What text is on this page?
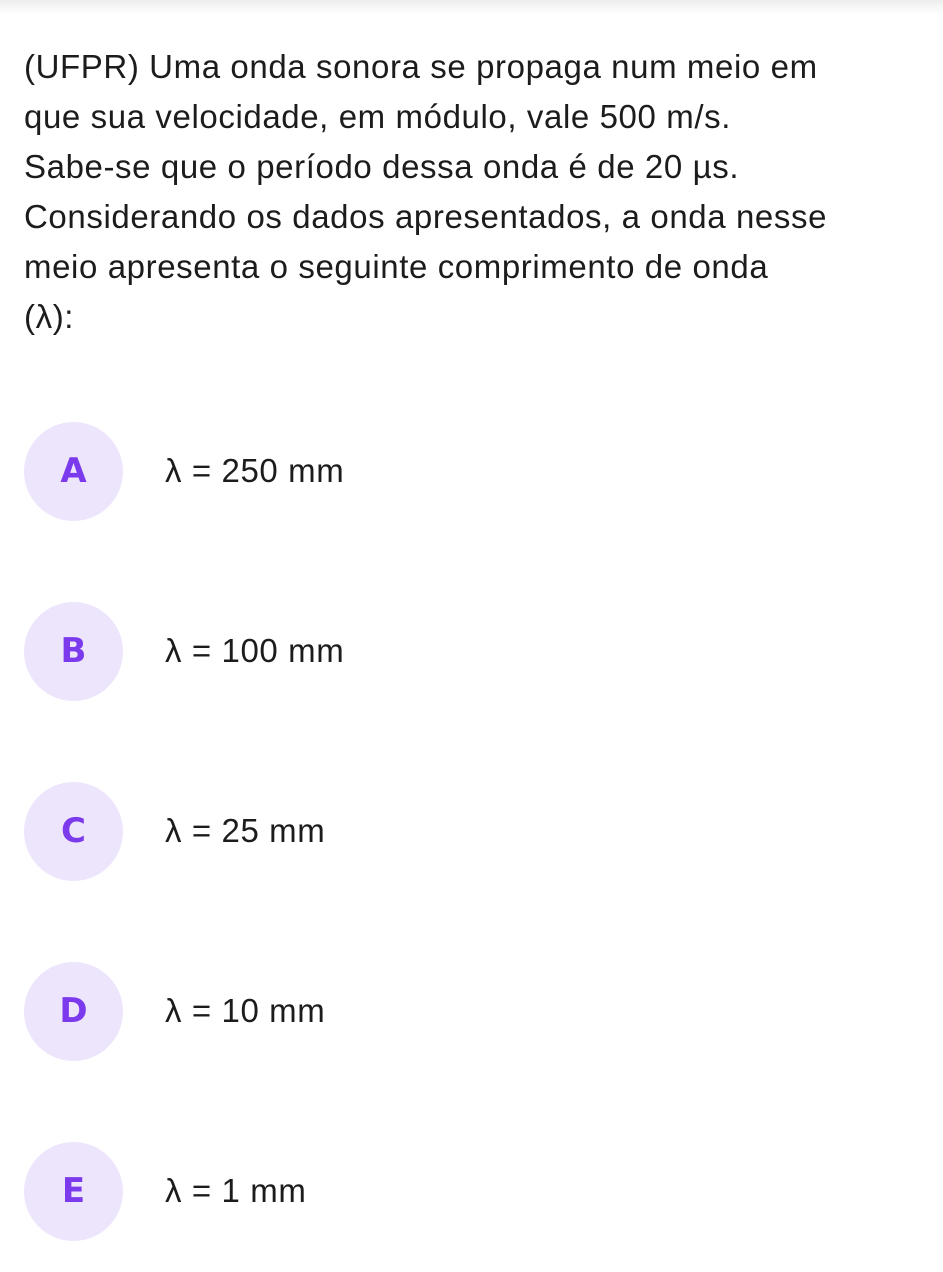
(UFPR) Uma onda sonora se propaga num meio em
que sua velocidade, em módulo, vale 500 m/s.
Sabe-se que o período dessa onda é de 20 µs.
Considerando os dados apresentados, a onda nesse
meio apresenta o seguinte comprimento de onda
(λ):

A λ = 250 mm
B λ = 100 mm
C λ = 25 mm
D λ = 10 mm
E λ = 1 mm
